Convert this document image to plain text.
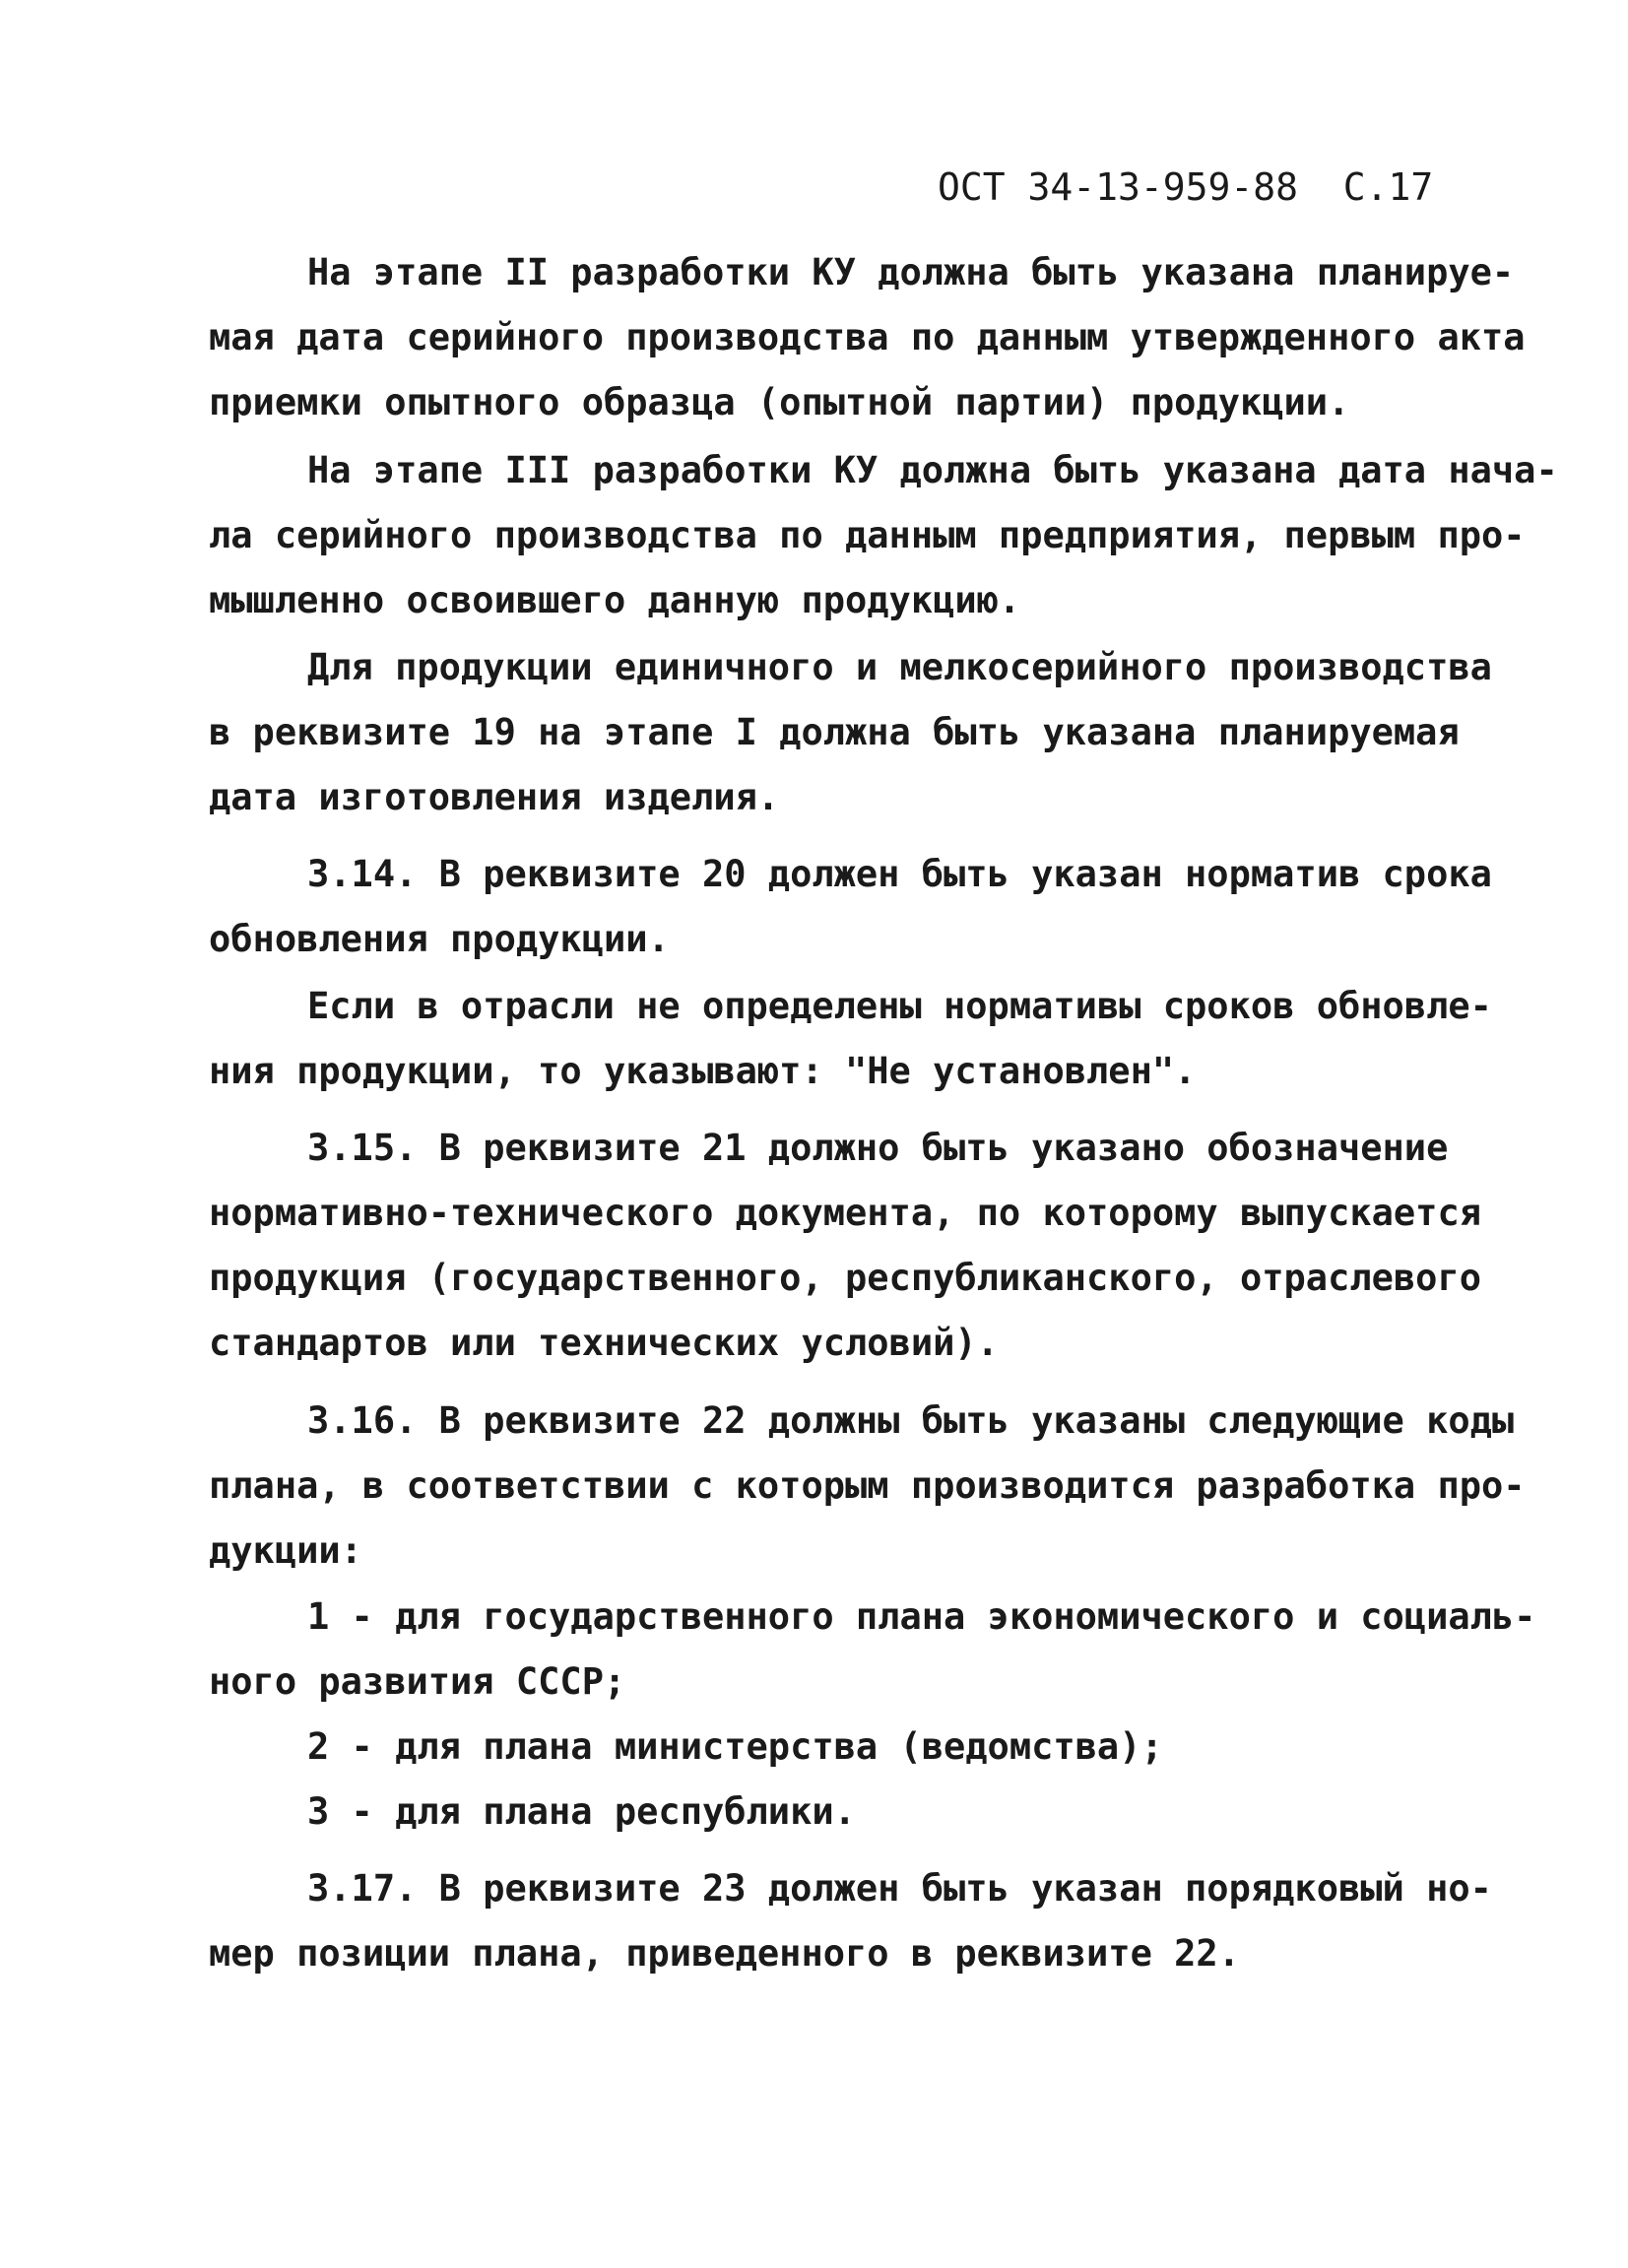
ОСТ 34-13-959-88  С.17
На этапе II разработки КУ должна быть указана планируе-
мая дата серийного производства по данным утвержденного акта
приемки опытного образца (опытной партии) продукции.
На этапе III разработки КУ должна быть указана дата нача-
ла серийного производства по данным предприятия, первым про-
мышленно освоившего данную продукцию.
Для продукции единичного и мелкосерийного производства
в реквизите 19 на этапе I должна быть указана планируемая
дата изготовления изделия.
3.14. В реквизите 20 должен быть указан норматив срока
обновления продукции.
Если в отрасли не определены нормативы сроков обновле-
ния продукции, то указывают: "Не установлен".
3.15. В реквизите 21 должно быть указано обозначение
нормативно-технического документа, по которому выпускается
продукция (государственного, республиканского, отраслевого
стандартов или технических условий).
3.16. В реквизите 22 должны быть указаны следующие коды
плана, в соответствии с которым производится разработка про-
дукции:
1 - для государственного плана экономического и социаль-
ного развития СССР;
2 - для плана министерства (ведомства);
3 - для плана республики.
3.17. В реквизите 23 должен быть указан порядковый но-
мер позиции плана, приведенного в реквизите 22.
